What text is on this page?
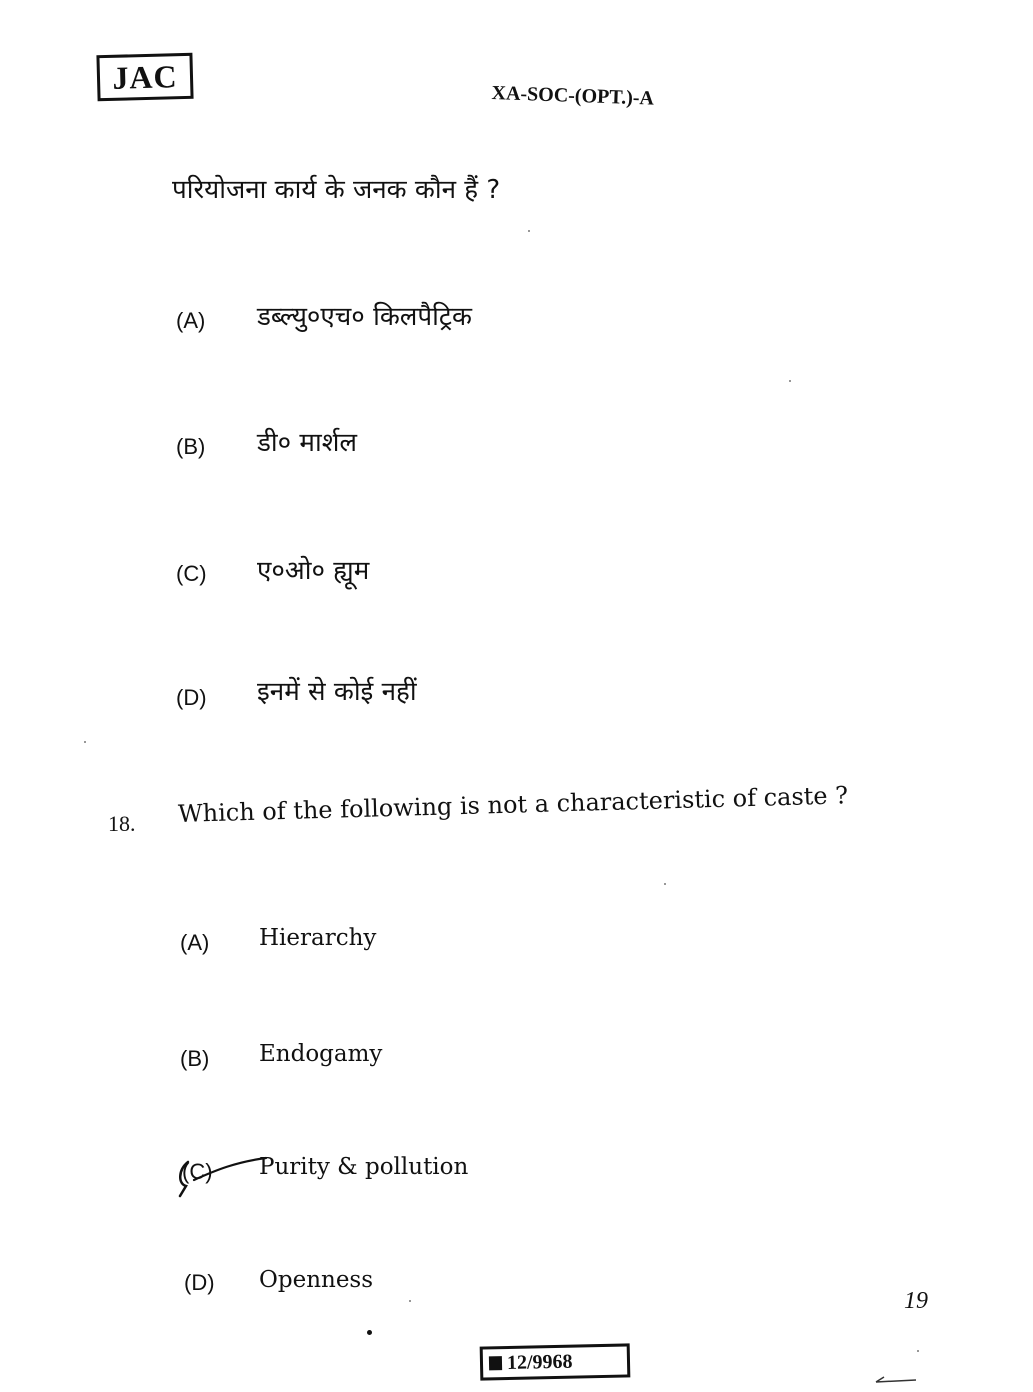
JAC	XA-SOC-(OPT.)-A
परियोजना कार्य के जनक कौन हैं ?
(A) डब्ल्यु०एच० किलपैट्रिक
(B) डी० मार्शल
(C) ए०ओ० ह्यूम
(D) इनमें से कोई नहीं
18. Which of the following is not a characteristic of caste ?
(A) Hierarchy
(B) Endogamy
(C) Purity & pollution
(D) Openness
19
12/9968
